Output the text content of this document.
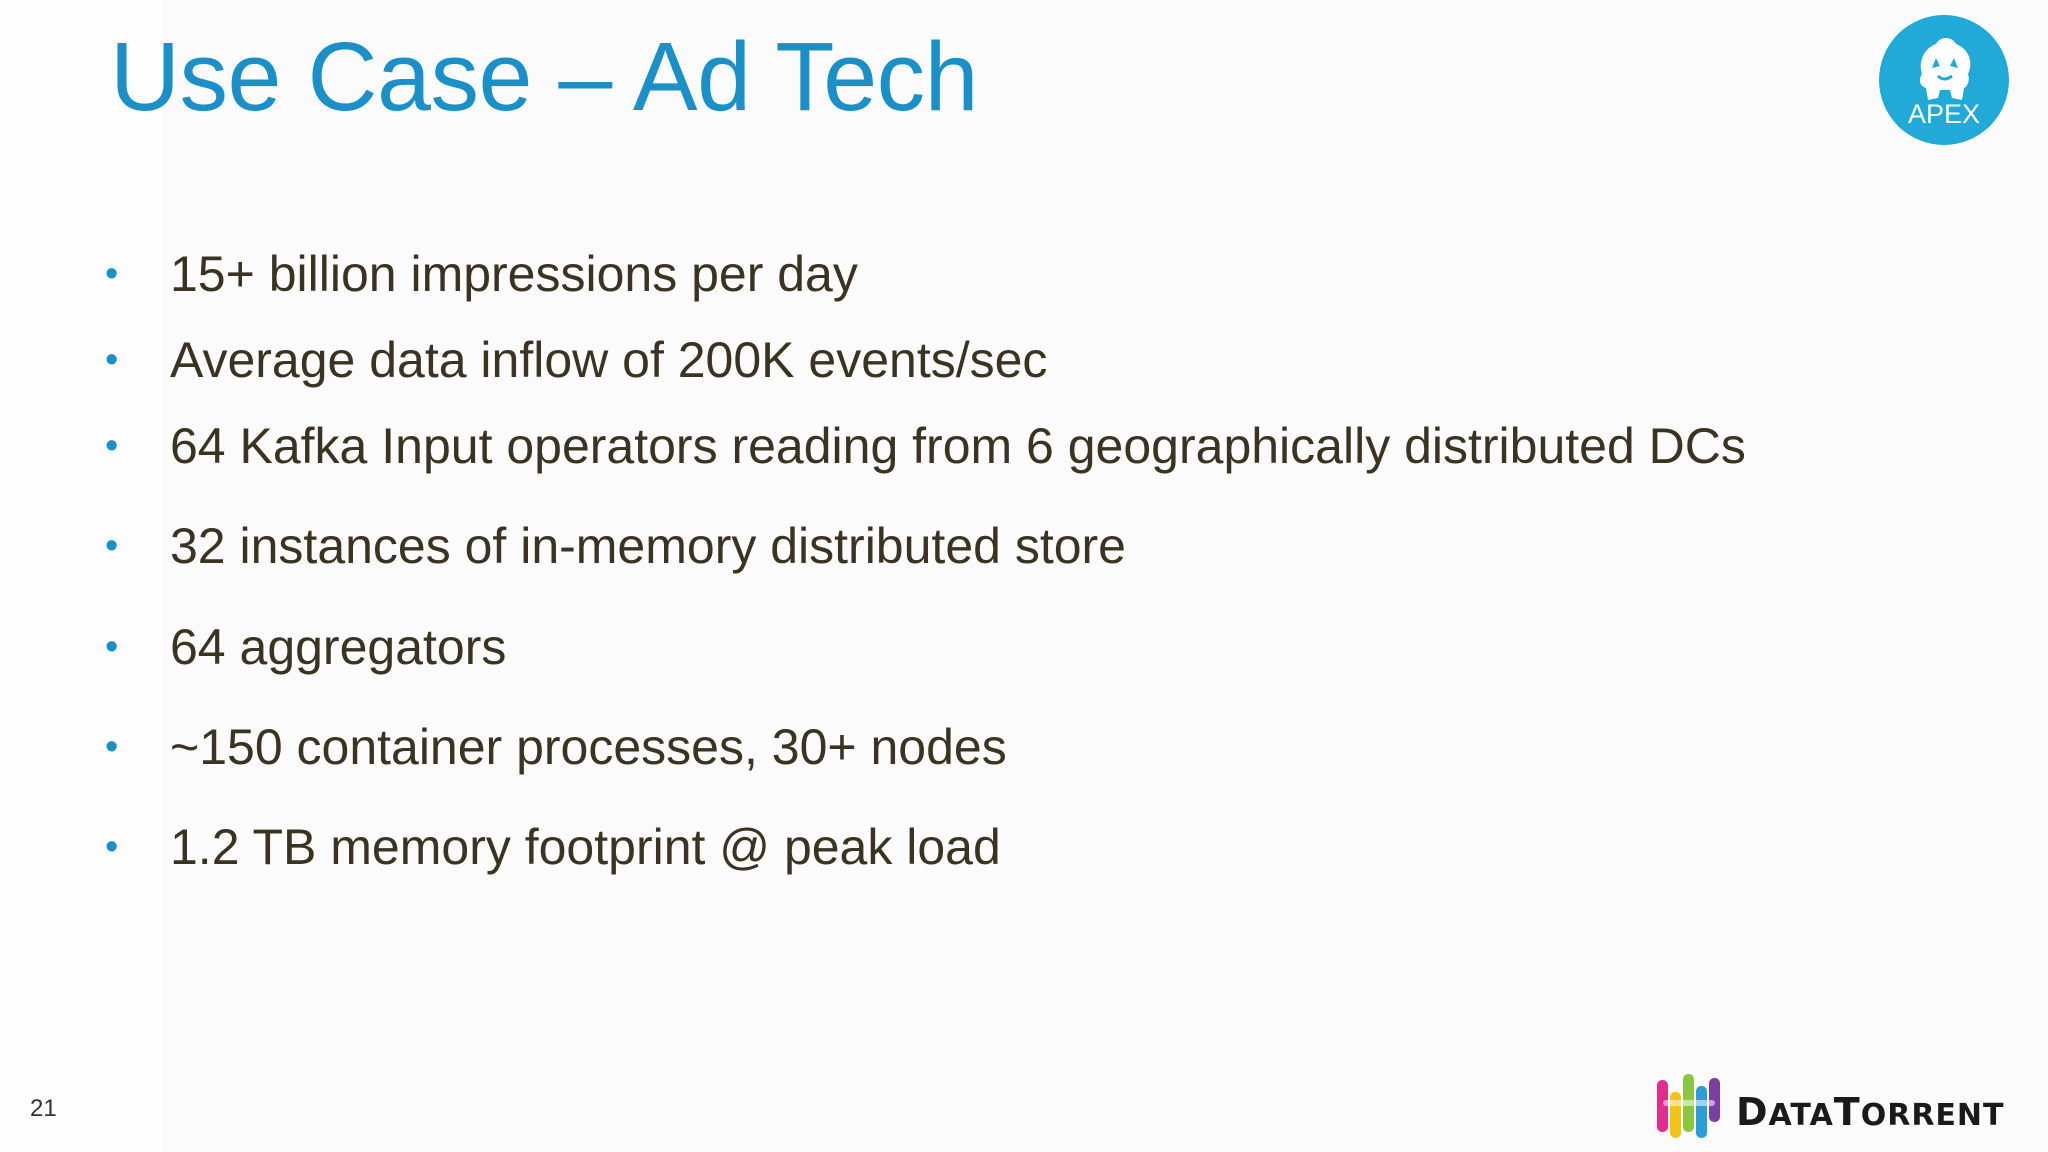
Use Case – Ad Tech	APEX
• 15+ billion impressions per day
• Average data inflow of 200K events/sec
• 64 Kafka Input operators reading from 6 geographically distributed DCs
• 32 instances of in-memory distributed store
• 64 aggregators
• ~150 container processes, 30+ nodes
• 1.2 TB memory footprint @ peak load
21	DATATORRENT
